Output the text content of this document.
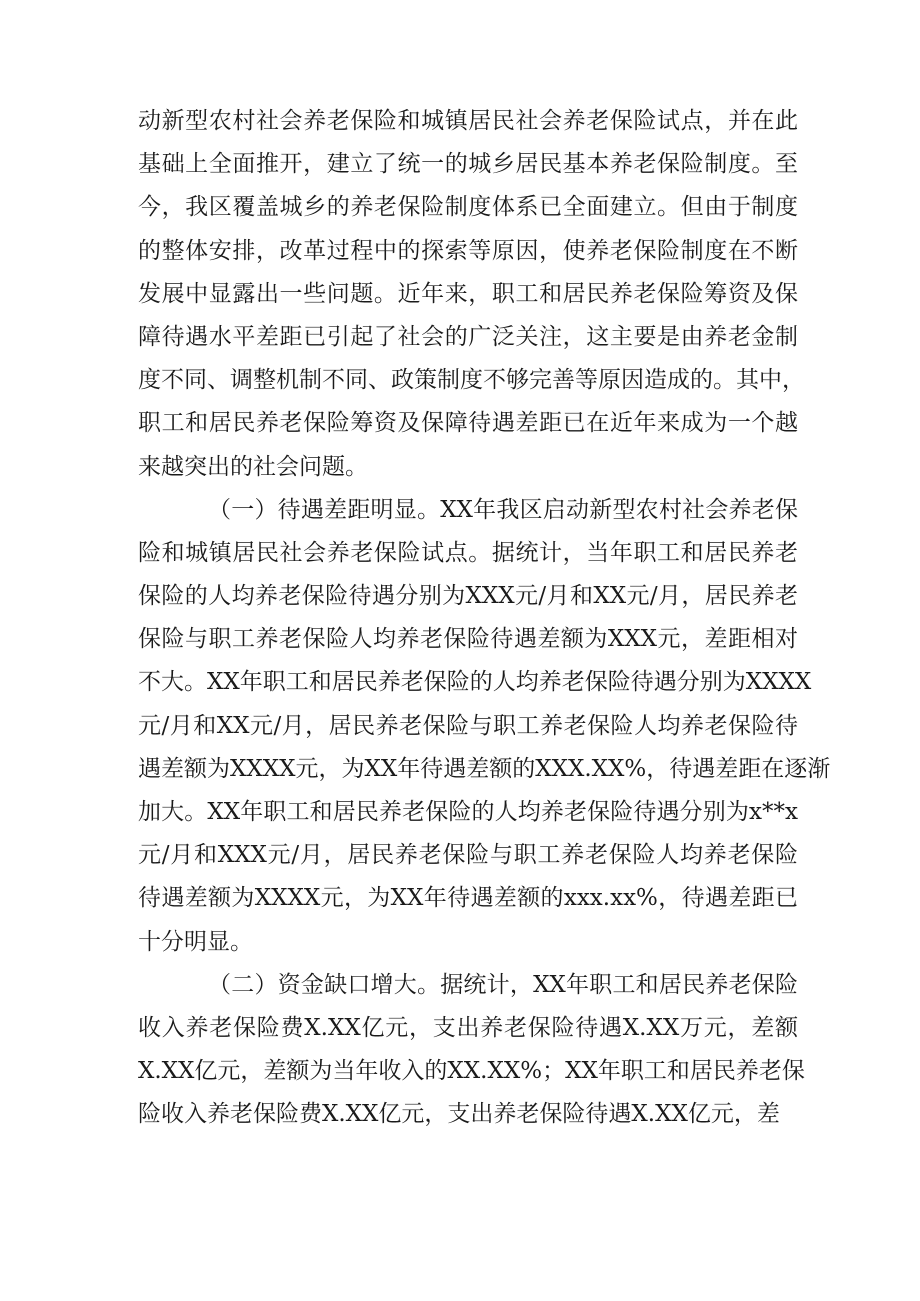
动新型农村社会养老保险和城镇居民社会养老保险试点，并在此
基础上全面推开，建立了统一的城乡居民基本养老保险制度。至
今，我区覆盖城乡的养老保险制度体系已全面建立。但由于制度
的整体安排，改革过程中的探索等原因，使养老保险制度在不断
发展中显露出一些问题。近年来，职工和居民养老保险筹资及保
障待遇水平差距已引起了社会的广泛关注，这主要是由养老金制
度不同、调整机制不同、政策制度不够完善等原因造成的。其中，
职工和居民养老保险筹资及保障待遇差距已在近年来成为一个越
来越突出的社会问题。
（一）待遇差距明显。XX年我区启动新型农村社会养老保
险和城镇居民社会养老保险试点。据统计，当年职工和居民养老
保险的人均养老保险待遇分别为XXX元/月和XX元/月，居民养老
保险与职工养老保险人均养老保险待遇差额为XXX元，差距相对
不大。XX年职工和居民养老保险的人均养老保险待遇分别为XXXX
元/月和XX元/月，居民养老保险与职工养老保险人均养老保险待
遇差额为XXXX元，为XX年待遇差额的XXX.XX%，待遇差距在逐渐
加大。XX年职工和居民养老保险的人均养老保险待遇分别为x**x
元/月和XXX元/月，居民养老保险与职工养老保险人均养老保险
待遇差额为XXXX元，为XX年待遇差额的xxx.xx%，待遇差距已
十分明显。
（二）资金缺口增大。据统计，XX年职工和居民养老保险
收入养老保险费X.XX亿元，支出养老保险待遇X.XX万元，差额
X.XX亿元，差额为当年收入的XX.XX%；XX年职工和居民养老保
险收入养老保险费X.XX亿元，支出养老保险待遇X.XX亿元，差
